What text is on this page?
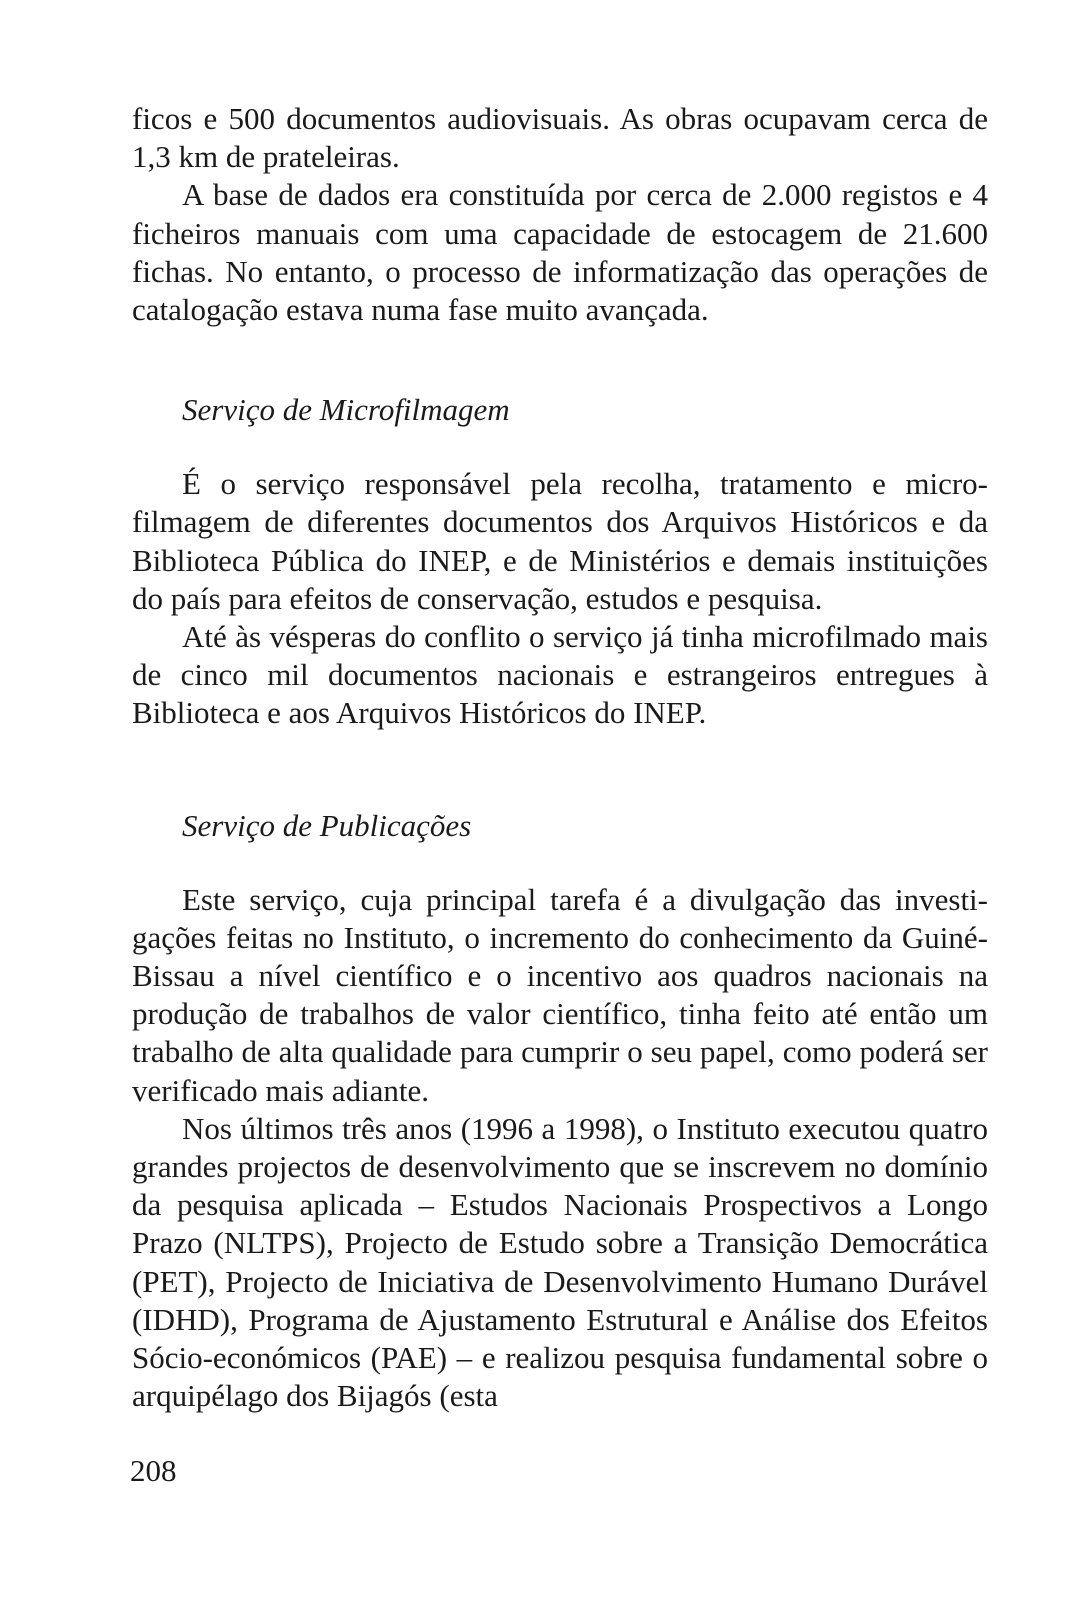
ficos e 500 documentos audiovisuais. As obras ocupavam cerca de 1,3 km de prateleiras.

A base de dados era constituída por cerca de 2.000 registos e 4 ficheiros manuais com uma capacidade de estocagem de 21.600 fichas. No entanto, o processo de informatização das operações de catalogação estava numa fase muito avançada.

Serviço de Microfilmagem

É o serviço responsável pela recolha, tratamento e microfilmagem de diferentes documentos dos Arquivos Históricos e da Biblioteca Pública do INEP, e de Ministérios e demais instituições do país para efeitos de conservação, estudos e pesquisa.

Até às vésperas do conflito o serviço já tinha microfilmado mais de cinco mil documentos nacionais e estrangeiros entregues à Biblioteca e aos Arquivos Históricos do INEP.

Serviço de Publicações

Este serviço, cuja principal tarefa é a divulgação das investigações feitas no Instituto, o incremento do conhecimento da Guiné-Bissau a nível científico e o incentivo aos quadros nacionais na produção de trabalhos de valor científico, tinha feito até então um trabalho de alta qualidade para cumprir o seu papel, como poderá ser verificado mais adiante.

Nos últimos três anos (1996 a 1998), o Instituto executou quatro grandes projectos de desenvolvimento que se inscrevem no domínio da pesquisa aplicada – Estudos Nacionais Prospectivos a Longo Prazo (NLTPS), Projecto de Estudo sobre a Transição Democrática (PET), Projecto de Iniciativa de Desenvolvimento Humano Durável (IDHD), Programa de Ajustamento Estrutural e Análise dos Efeitos Sócio-económicos (PAE) – e realizou pesquisa fundamental sobre o arquipélago dos Bijagós (esta

208
